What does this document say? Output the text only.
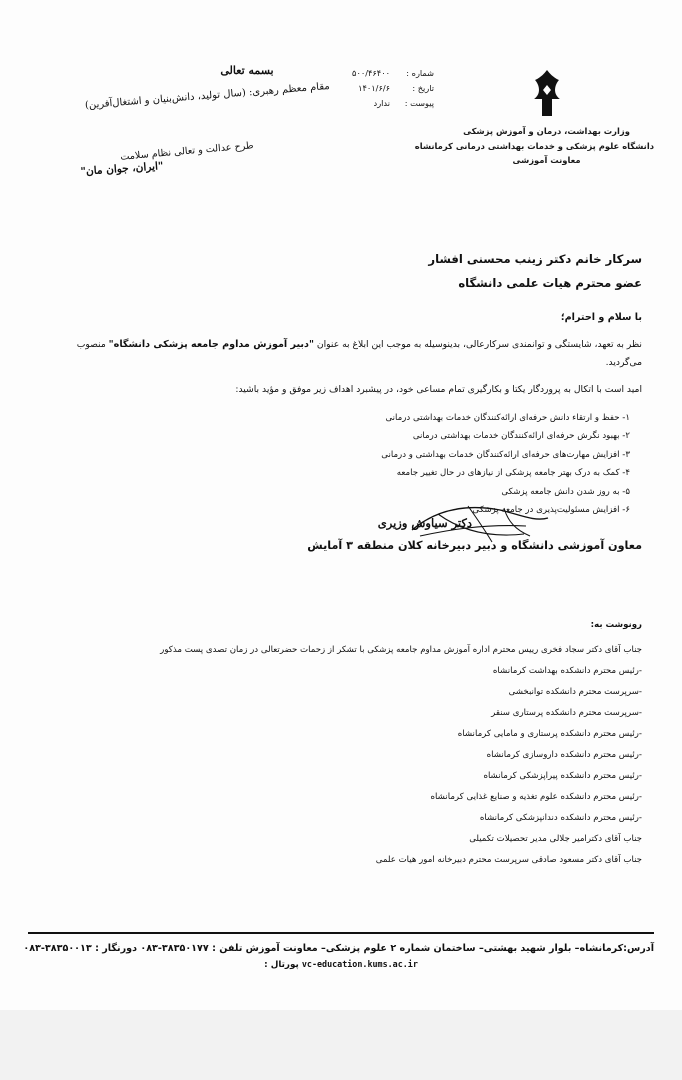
وزارت بهداشت، درمان و آموزش پزشکی
دانشگاه علوم پزشکی و خدمات بهداشتی درمانی کرمانشاه
معاونت آموزشی
شماره :
۵۰۰/۴۶۴۰۰
تاریخ :
۱۴۰۱/۶/۶
پیوست :
ندارد
بسمه تعالی
مقام معظم رهبری: (سال تولید، دانش‌بنیان و اشتغال‌آفرین)
طرح عدالت و تعالی نظام سلامت
"ایران، جوان مان"
سرکار خانم دکتر زینب محسنی افشار
عضو محترم هیات علمی دانشگاه
با سلام و احترام؛
نظر به تعهد، شایستگی و توانمندی سرکارعالی، بدینوسیله به موجب این ابلاغ به عنوان "دبیر آموزش مداوم جامعه پزشکی دانشگاه" منصوب می‌گردید.
امید است با اتکال به پروردگار یکتا و بکارگیری تمام مساعی خود، در پیشبرد اهداف زیر موفق و مؤید باشید:
۱- حفظ و ارتقاء دانش حرفه‌ای ارائه‌کنندگان خدمات بهداشتی درمانی
۲- بهبود نگرش حرفه‌ای ارائه‌کنندگان خدمات بهداشتی درمانی
۳- افزایش مهارت‌های حرفه‌ای ارائه‌کنندگان خدمات بهداشتی و درمانی
۴- کمک به درک بهتر جامعه پزشکی از نیازهای در حال تغییر جامعه
۵- به روز شدن دانش جامعه پزشکی
۶- افزایش مسئولیت‌پذیری در جامعه پزشکی
دکتر سیاوش وزیری
معاون آموزشی دانشگاه و دبیر دبیرخانه کلان منطقه ۳ آمایش
رونوشت به:
جناب آقای دکتر سجاد فخری رییس محترم اداره آموزش مداوم جامعه پزشکی با تشکر از زحمات حضرتعالی در زمان تصدی پست مذکور
-رئیس محترم دانشکده بهداشت کرمانشاه
-سرپرست محترم دانشکده توانبخشی
-سرپرست محترم دانشکده پرستاری سنقر
-رئیس محترم دانشکده پرستاری و مامایی کرمانشاه
-رئیس محترم دانشکده داروسازی کرمانشاه
-رئیس محترم دانشکده پیراپزشکی کرمانشاه
-رئیس محترم دانشکده علوم تغذیه و صنایع غذایی کرمانشاه
-رئیس محترم دانشکده دندانپزشکی کرمانشاه
جناب آقای دکترامیر جلالی مدیر تحصیلات تکمیلی
جناب آقای دکتر مسعود صادقی سرپرست محترم دبیرخانه امور هیات علمی
آدرس:کرمانشاه– بلوار شهید بهشتی– ساختمان شماره ۲ علوم پزشکی– معاونت آموزش تلفن : ۳۸۳۵۰۱۷۷-۰۸۳ دورنگار : ۳۸۳۵۰۰۱۳-۰۸۳
vc-education.kums.ac.ir پورتال :
